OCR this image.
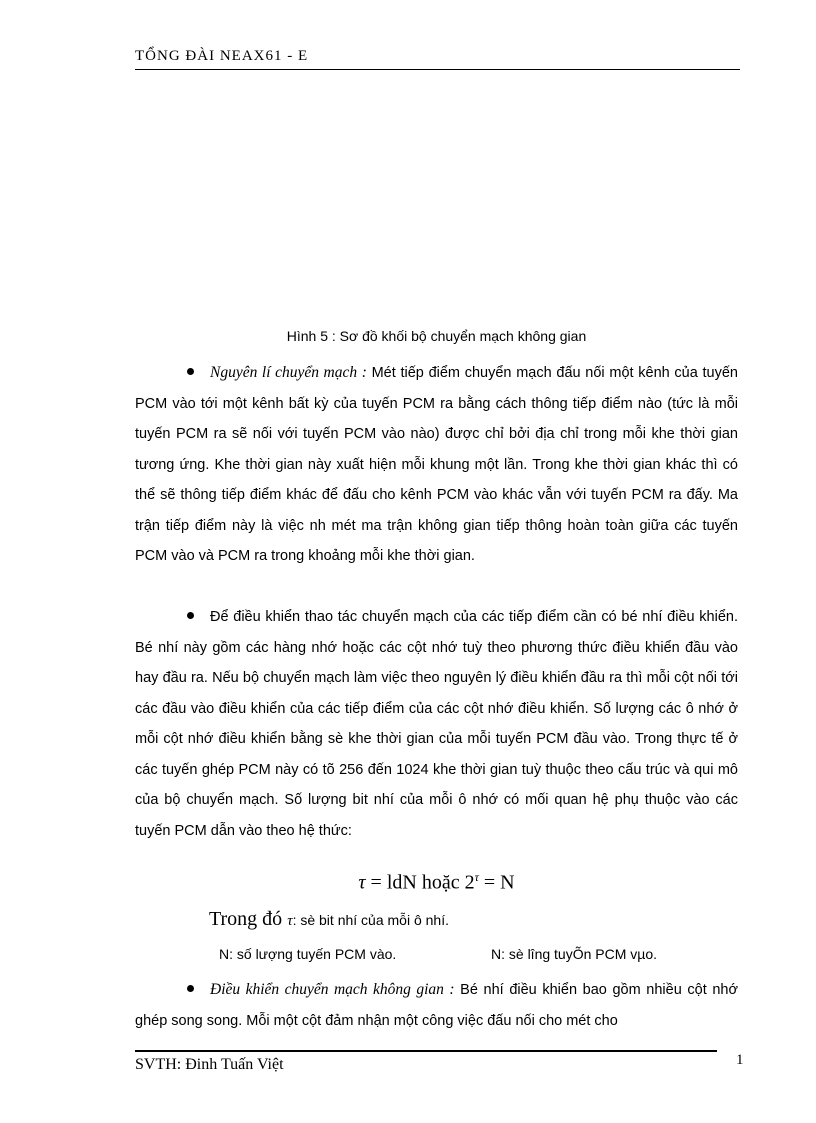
TỔNG ĐÀI NEAX61 - E
Hình 5 : Sơ đồ khối bộ chuyển mạch không gian
Nguyên lí chuyển mạch : Mét tiếp điểm chuyển mạch đấu nối một kênh của tuyến PCM vào tới một kênh bất kỳ của tuyến PCM ra bằng cách thông tiếp điểm nào (tức là mỗi tuyến PCM ra sẽ nối với tuyến PCM vào nào) được chỉ bởi địa chỉ trong mỗi khe thời gian tương ứng. Khe thời gian này xuất hiện mỗi khung một lần. Trong khe thời gian khác thì có thể sẽ thông tiếp điểm khác để đấu cho kênh PCM vào khác vẫn với tuyến PCM ra đấy. Ma trận tiếp điểm này là việc nh mét ma trận không gian tiếp thông hoàn toàn giữa các tuyến PCM vào và PCM ra trong khoảng mỗi khe thời gian.
Để điều khiển thao tác chuyển mạch của các tiếp điểm cần có bé nhí điều khiển. Bé nhí này gồm các hàng nhớ hoặc các cột nhớ tuỳ theo phương thức điều khiển đầu vào hay đầu ra. Nếu bộ chuyển mạch làm việc theo nguyên lý điều khiển đầu ra thì mỗi cột nối tới các đầu vào điều khiển của các tiếp điểm của các cột nhớ điều khiển. Số lượng các ô nhớ ở mỗi cột nhớ điều khiển bằng sè khe thời gian của mỗi tuyến PCM đầu vào. Trong thực tế ở các tuyến ghép PCM này có tõ 256 đến 1024 khe thời gian tuỳ thuộc theo cấu trúc và qui mô của bộ chuyển mạch. Số lượng bit nhí của mỗi ô nhớ có mối quan hệ phụ thuộc vào các tuyến PCM dẫn vào theo hệ thức:
τ = ldN hoặc $2^\tau = N$
Trong đó τ: sè bit nhí của mỗi ô nhí.
N: số lượng tuyến PCM vào.	N: sè lîng tuyÕn PCM vµo.
Điều khiển chuyển mạch không gian : Bé nhí điều khiển bao gồm nhiều cột nhớ ghép song song. Mỗi một cột đảm nhận một công việc đấu nối cho mét cho
SVTH: Đinh Tuấn Việt	1
